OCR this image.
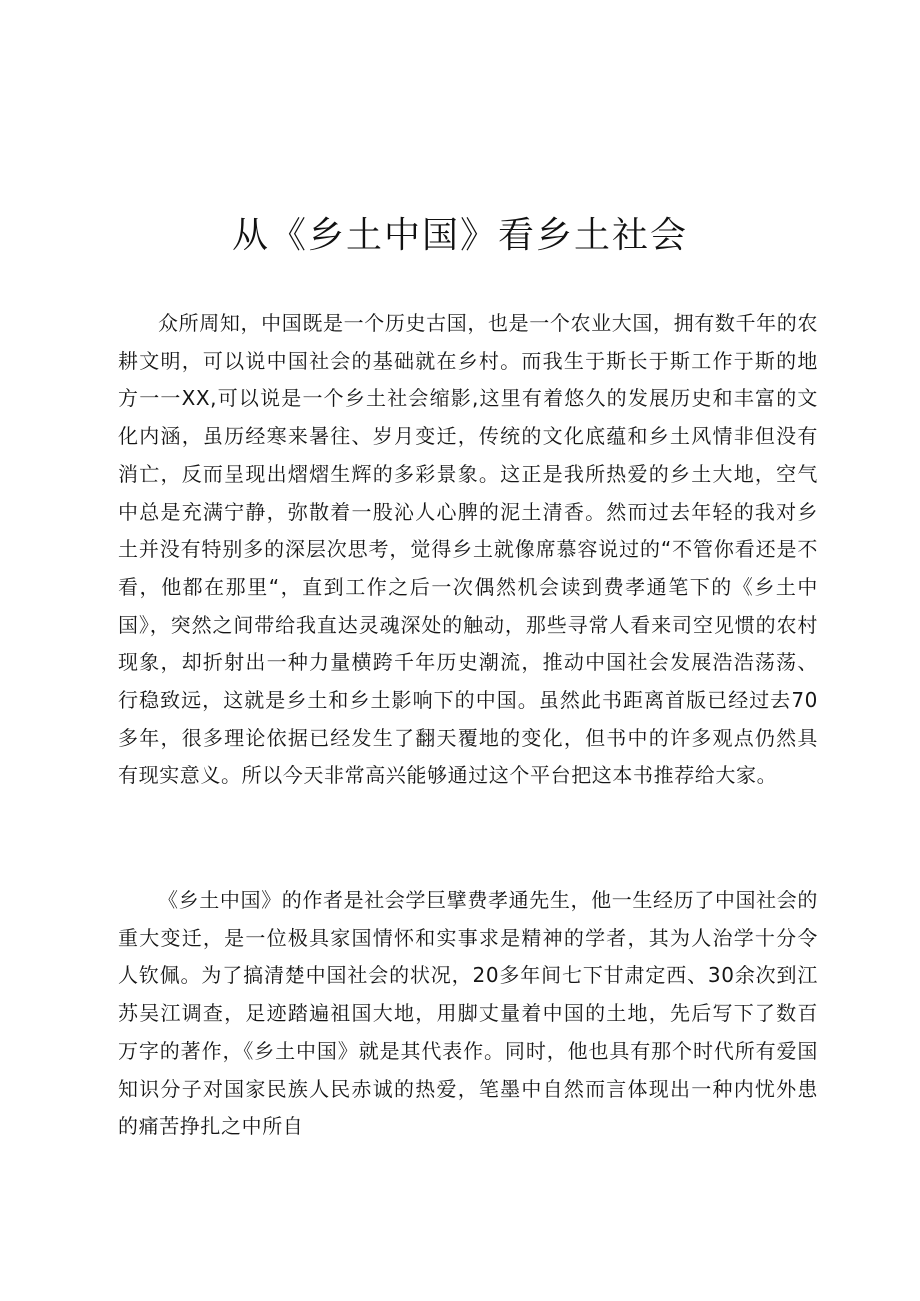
从《乡土中国》看乡土社会

众所周知，中国既是一个历史古国，也是一个农业大国，拥有数千年的农耕文明，可以说中国社会的基础就在乡村。而我生于斯长于斯工作于斯的地方一一XX,可以说是一个乡土社会缩影,这里有着悠久的发展历史和丰富的文化内涵，虽历经寒来暑往、岁月变迁，传统的文化底蕴和乡土风情非但没有消亡，反而呈现出熠熠生辉的多彩景象。这正是我所热爱的乡土大地，空气中总是充满宁静，弥散着一股沁人心脾的泥土清香。然而过去年轻的我对乡土并没有特别多的深层次思考，觉得乡土就像席慕容说过的“不管你看还是不看，他都在那里“，直到工作之后一次偶然机会读到费孝通笔下的《乡土中国》，突然之间带给我直达灵魂深处的触动，那些寻常人看来司空见惯的农村现象，却折射出一种力量横跨千年历史潮流，推动中国社会发展浩浩荡荡、行稳致远，这就是乡土和乡土影响下的中国。虽然此书距离首版已经过去70多年，很多理论依据已经发生了翻天覆地的变化，但书中的许多观点仍然具有现实意义。所以今天非常高兴能够通过这个平台把这本书推荐给大家。

《乡土中国》的作者是社会学巨擘费孝通先生，他一生经历了中国社会的重大变迁，是一位极具家国情怀和实事求是精神的学者，其为人治学十分令人钦佩。为了搞清楚中国社会的状况，20多年间七下甘肃定西、30余次到江苏吴江调查，足迹踏遍祖国大地，用脚丈量着中国的土地，先后写下了数百万字的著作，《乡土中国》就是其代表作。同时，他也具有那个时代所有爱国知识分子对国家民族人民赤诚的热爱，笔墨中自然而言体现出一种内忧外患的痛苦挣扎之中所自
